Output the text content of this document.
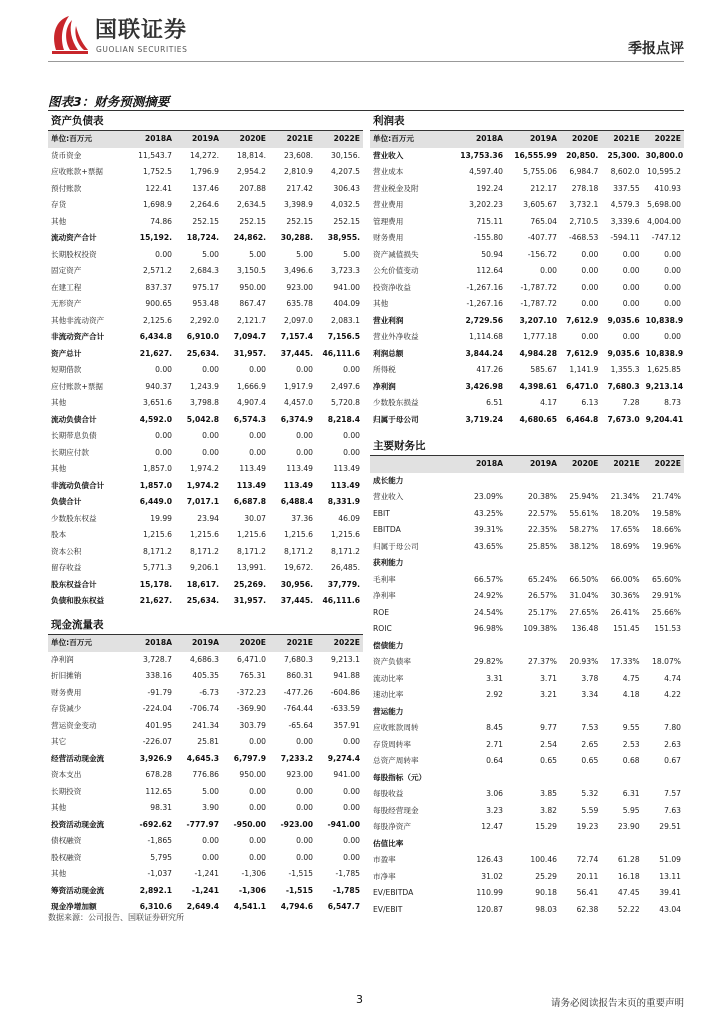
国联证券
GUOLIAN SECURITIES	季报点评
图表3：财务预测摘要
资产负债表
单位:百万元	2018A	2019A	2020E	2021E	2022E
货币资金	11,543.7	14,272.	18,814.	23,608.	30,156.
应收账款+票据	1,752.5	1,796.9	2,954.2	2,810.9	4,207.5
预付账款	122.41	137.46	207.88	217.42	306.43
存货	1,698.9	2,264.6	2,634.5	3,398.9	4,032.5
其他	74.86	252.15	252.15	252.15	252.15
流动资产合计	15,192.	18,724.	24,862.	30,288.	38,955.
长期股权投资	0.00	5.00	5.00	5.00	5.00
固定资产	2,571.2	2,684.3	3,150.5	3,496.6	3,723.3
在建工程	837.37	975.17	950.00	923.00	941.00
无形资产	900.65	953.48	867.47	635.78	404.09
其他非流动资产	2,125.6	2,292.0	2,121.7	2,097.0	2,083.1
非流动资产合计	6,434.8	6,910.0	7,094.7	7,157.4	7,156.5
资产总计	21,627.	25,634.	31,957.	37,445.	46,111.6
短期借款	0.00	0.00	0.00	0.00	0.00
应付账款+票据	940.37	1,243.9	1,666.9	1,917.9	2,497.6
其他	3,651.6	3,798.8	4,907.4	4,457.0	5,720.8
流动负债合计	4,592.0	5,042.8	6,574.3	6,374.9	8,218.4
长期带息负债	0.00	0.00	0.00	0.00	0.00
长期应付款	0.00	0.00	0.00	0.00	0.00
其他	1,857.0	1,974.2	113.49	113.49	113.49
非流动负债合计	1,857.0	1,974.2	113.49	113.49	113.49
负债合计	6,449.0	7,017.1	6,687.8	6,488.4	8,331.9
少数股东权益	19.99	23.94	30.07	37.36	46.09
股本	1,215.6	1,215.6	1,215.6	1,215.6	1,215.6
资本公积	8,171.2	8,171.2	8,171.2	8,171.2	8,171.2
留存收益	5,771.3	9,206.1	13,991.	19,672.	26,485.
股东权益合计	15,178.	18,617.	25,269.	30,956.	37,779.
负债和股东权益	21,627.	25,634.	31,957.	37,445.	46,111.6
现金流量表
单位:百万元	2018A	2019A	2020E	2021E	2022E
净利润	3,728.7	4,686.3	6,471.0	7,680.3	9,213.1
折旧摊销	338.16	405.35	765.31	860.31	941.88
财务费用	-91.79	-6.73	-372.23	-477.26	-604.86
存货减少	-224.04	-706.74	-369.90	-764.44	-633.59
营运资金变动	401.95	241.34	303.79	-65.64	357.91
其它	-226.07	25.81	0.00	0.00	0.00
经营活动现金流	3,926.9	4,645.3	6,797.9	7,233.2	9,274.4
资本支出	678.28	776.86	950.00	923.00	941.00
长期投资	112.65	5.00	0.00	0.00	0.00
其他	98.31	3.90	0.00	0.00	0.00
投资活动现金流	-692.62	-777.97	-950.00	-923.00	-941.00
债权融资	-1,865	0.00	0.00	0.00	0.00
股权融资	5,795	0.00	0.00	0.00	0.00
其他	-1,037	-1,241	-1,306	-1,515	-1,785
筹资活动现金流	2,892.1	-1,241	-1,306	-1,515	-1,785
现金净增加额	6,310.6	2,649.4	4,541.1	4,794.6	6,547.7
利润表
单位:百万元	2018A	2019A	2020E	2021E	2022E
营业收入	13,753.36	16,555.99	20,850.	25,300.	30,800.0
营业成本	4,597.40	5,755.06	6,984.7	8,602.0	10,595.2
营业税金及附	192.24	212.17	278.18	337.55	410.93
营业费用	3,202.23	3,605.67	3,732.1	4,579.3	5,698.00
管理费用	715.11	765.04	2,710.5	3,339.6	4,004.00
财务费用	-155.80	-407.77	-468.53	-594.11	-747.12
资产减值损失	50.94	-156.72	0.00	0.00	0.00
公允价值变动	112.64	0.00	0.00	0.00	0.00
投资净收益	-1,267.16	-1,787.72	0.00	0.00	0.00
其他	-1,267.16	-1,787.72	0.00	0.00	0.00
营业利润	2,729.56	3,207.10	7,612.9	9,035.6	10,838.9
营业外净收益	1,114.68	1,777.18	0.00	0.00	0.00
利润总额	3,844.24	4,984.28	7,612.9	9,035.6	10,838.9
所得税	417.26	585.67	1,141.9	1,355.3	1,625.85
净利润	3,426.98	4,398.61	6,471.0	7,680.3	9,213.14
少数股东损益	6.51	4.17	6.13	7.28	8.73
归属于母公司	3,719.24	4,680.65	6,464.8	7,673.0	9,204.41
主要财务比
	2018A	2019A	2020E	2021E	2022E
成长能力					
营业收入	23.09%	20.38%	25.94%	21.34%	21.74%
EBIT	43.25%	22.57%	55.61%	18.20%	19.58%
EBITDA	39.31%	22.35%	58.27%	17.65%	18.66%
归属于母公司	43.65%	25.85%	38.12%	18.69%	19.96%
获利能力					
毛利率	66.57%	65.24%	66.50%	66.00%	65.60%
净利率	24.92%	26.57%	31.04%	30.36%	29.91%
ROE	24.54%	25.17%	27.65%	26.41%	25.66%
ROIC	96.98%	109.38%	136.48	151.45	151.53
偿债能力					
资产负债率	29.82%	27.37%	20.93%	17.33%	18.07%
流动比率	3.31	3.71	3.78	4.75	4.74
速动比率	2.92	3.21	3.34	4.18	4.22
营运能力					
应收账款周转	8.45	9.77	7.53	9.55	7.80
存货周转率	2.71	2.54	2.65	2.53	2.63
总资产周转率	0.64	0.65	0.65	0.68	0.67
每股指标（元）					
每股收益	3.06	3.85	5.32	6.31	7.57
每股经营现金	3.23	3.82	5.59	5.95	7.63
每股净资产	12.47	15.29	19.23	23.90	29.51
估值比率					
市盈率	126.43	100.46	72.74	61.28	51.09
市净率	31.02	25.29	20.11	16.18	13.11
EV/EBITDA	110.99	90.18	56.41	47.45	39.41
EV/EBIT	120.87	98.03	62.38	52.22	43.04
数据来源：公司报告、国联证券研究所
3	请务必阅读报告末页的重要声明
